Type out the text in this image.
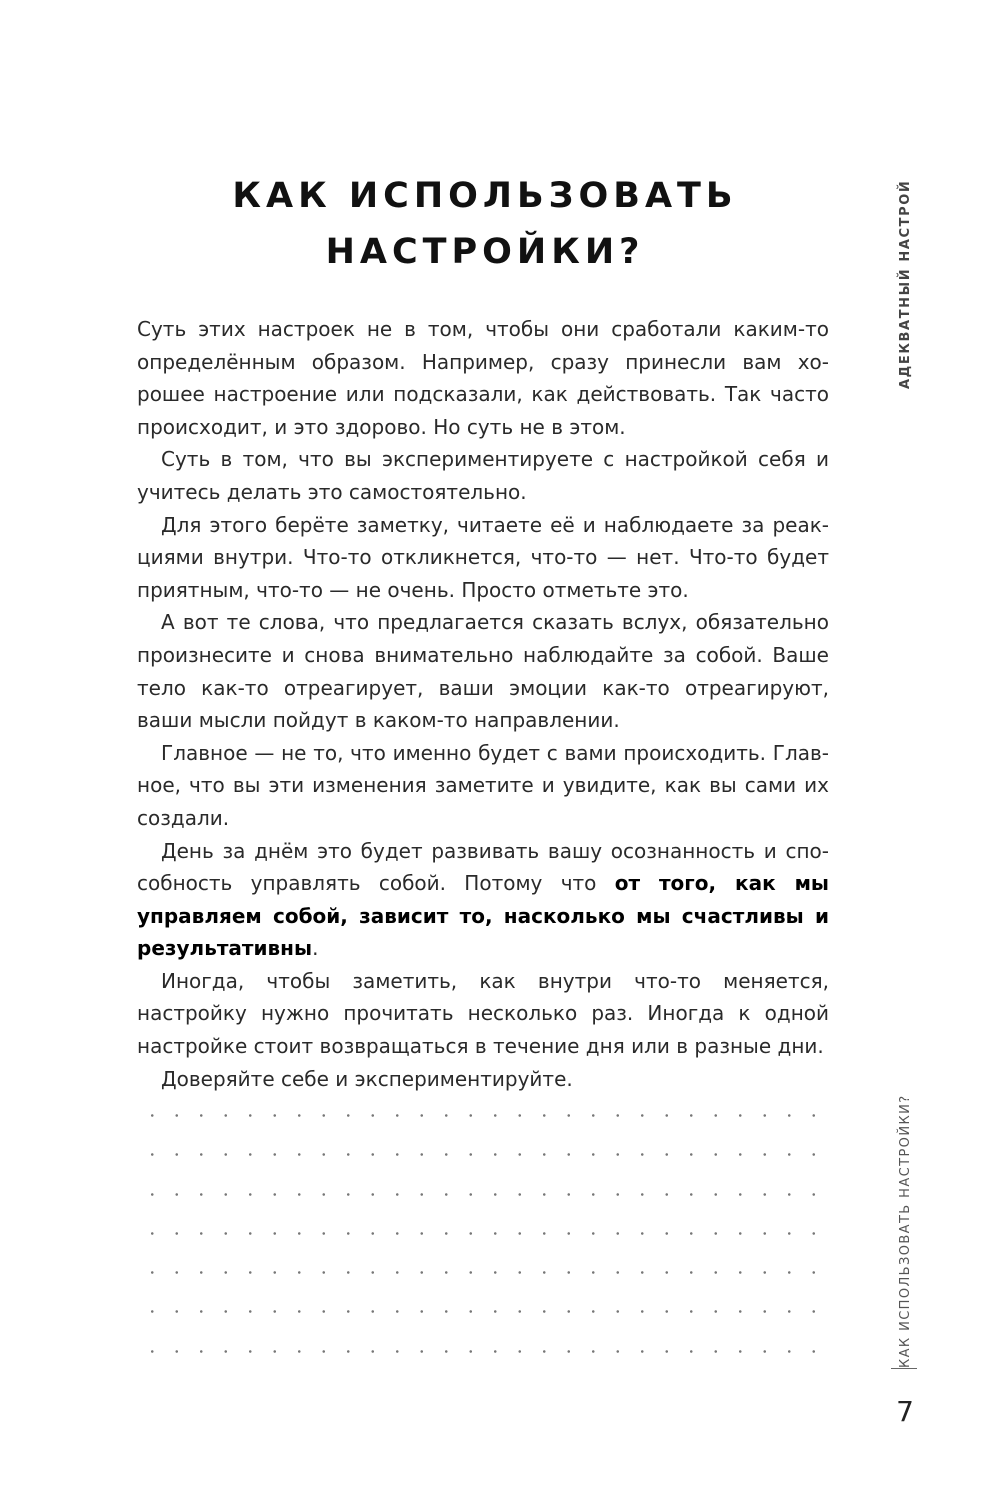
КАК ИСПОЛЬЗОВАТЬ
НАСТРОЙКИ?

Суть этих настроек не в том, чтобы они сработали каким-то определённым образом. Например, сразу принесли вам хорошее настроение или подсказали, как действовать. Так часто происходит, и это здорово. Но суть не в этом.

Суть в том, что вы экспериментируете с настройкой себя и учитесь делать это самостоятельно.

Для этого берёте заметку, читаете её и наблюдаете за реакциями внутри. Что-то откликнется, что-то — нет. Что-то будет приятным, что-то — не очень. Просто отметьте это.

А вот те слова, что предлагается сказать вслух, обязательно произнесите и снова внимательно наблюдайте за собой. Ваше тело как-то отреагирует, ваши эмоции как-то отреагируют, ваши мысли пойдут в каком-то направлении.

Главное — не то, что именно будет с вами происходить. Главное, что вы эти изменения заметите и увидите, как вы сами их создали.

День за днём это будет развивать вашу осознанность и способность управлять собой. Потому что от того, как мы управляем собой, зависит то, насколько мы счастливы и результативны.

Иногда, чтобы заметить, как внутри что-то меняется, настройку нужно прочитать несколько раз. Иногда к одной настройке стоит возвращаться в течение дня или в разные дни.

Доверяйте себе и экспериментируйте.

АДЕКВАТНЫЙ НАСТРОЙ
КАК ИСПОЛЬЗОВАТЬ НАСТРОЙКИ?
7
